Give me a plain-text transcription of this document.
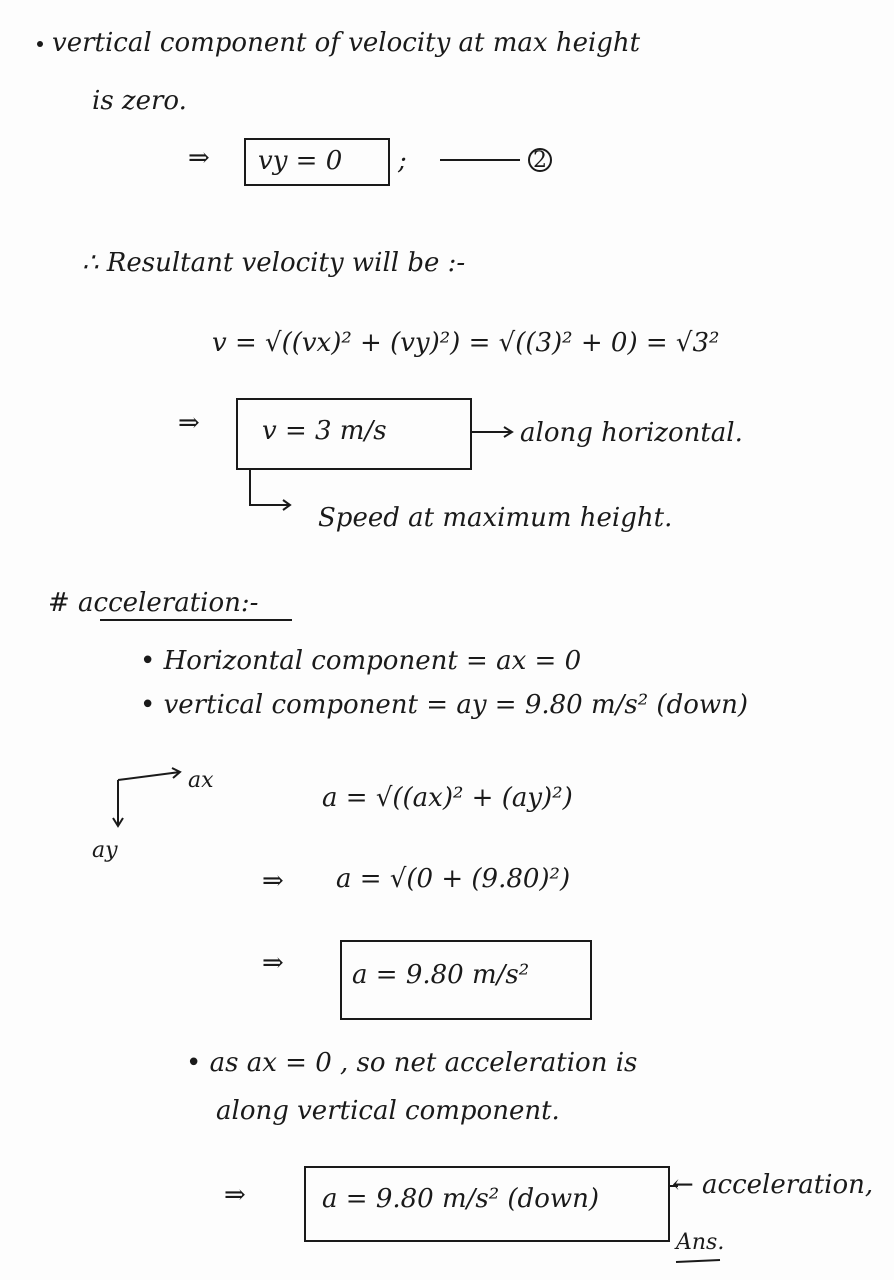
vertical component of velocity at max height
is zero.
⇒ vy = 0 ;	2
∴ Resultant velocity will be :-
v = √((vx)² + (vy)²) = √((3)² + 0) = √3²
⇒ v = 3 m/s	along horizontal.
Speed at maximum height.
# acceleration:-
• Horizontal component = ax = 0
• vertical component = ay = 9.80 m/s² (down)
ax
ay
a = √((ax)² + (ay)²)
⇒ a = √(0 + (9.80)²)
⇒	a = 9.80 m/s²
• as ax = 0 , so net acceleration is
along vertical component.
⇒	a = 9.80 m/s² (down)	← acceleration,
Ans.
